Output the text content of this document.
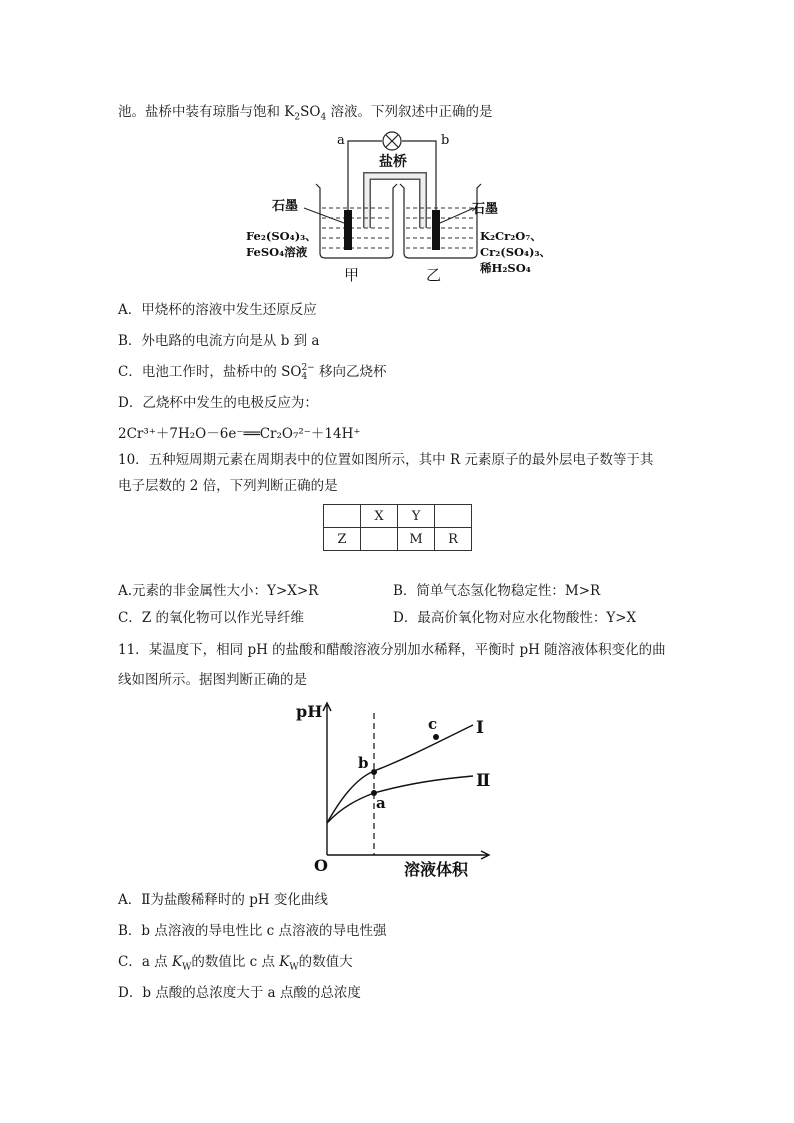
池。盐桥中装有琼脂与饱和 $K_2SO_4$ 溶液。下列叙述中正确的是
a	b
盐桥
石墨	石墨
Fe₂(SO₄)₃、
FeSO₄溶液
K₂Cr₂O₇、
Cr₂(SO₄)₃、
稀H₂SO₄
甲	乙
A．甲烧杯的溶液中发生还原反应
B．外电路的电流方向是从 b 到 a
C．电池工作时，盐桥中的 SO 2−
4 移向乙烧杯
D．乙烧杯中发生的电极反应为：
2Cr³⁺＋7H₂O－6e⁻══Cr₂O₇²⁻＋14H⁺
10．五种短周期元素在周期表中的位置如图所示，其中 R 元素原子的最外层电子数等于其
电子层数的 2 倍，下列判断正确的是
	X	Y	
Z		M	R
A.元素的非金属性大小：Y>X>R	B．简单气态氢化物稳定性：M>R
C．Z 的氧化物可以作光导纤维	D．最高价氧化物对应水化物酸性：Y>X
11．某温度下，相同 pH 的盐酸和醋酸溶液分别加水稀释，平衡时 pH 随溶液体积变化的曲
线如图所示。据图判断正确的是
pH
O	溶液体积
Ⅰ
Ⅱ
b
a
c
A．Ⅱ为盐酸稀释时的 pH 变化曲线
B．b 点溶液的导电性比 c 点溶液的导电性强
C．a 点 $K_W$的数值比 c 点 $K_W$的数值大
D．b 点酸的总浓度大于 a 点酸的总浓度
